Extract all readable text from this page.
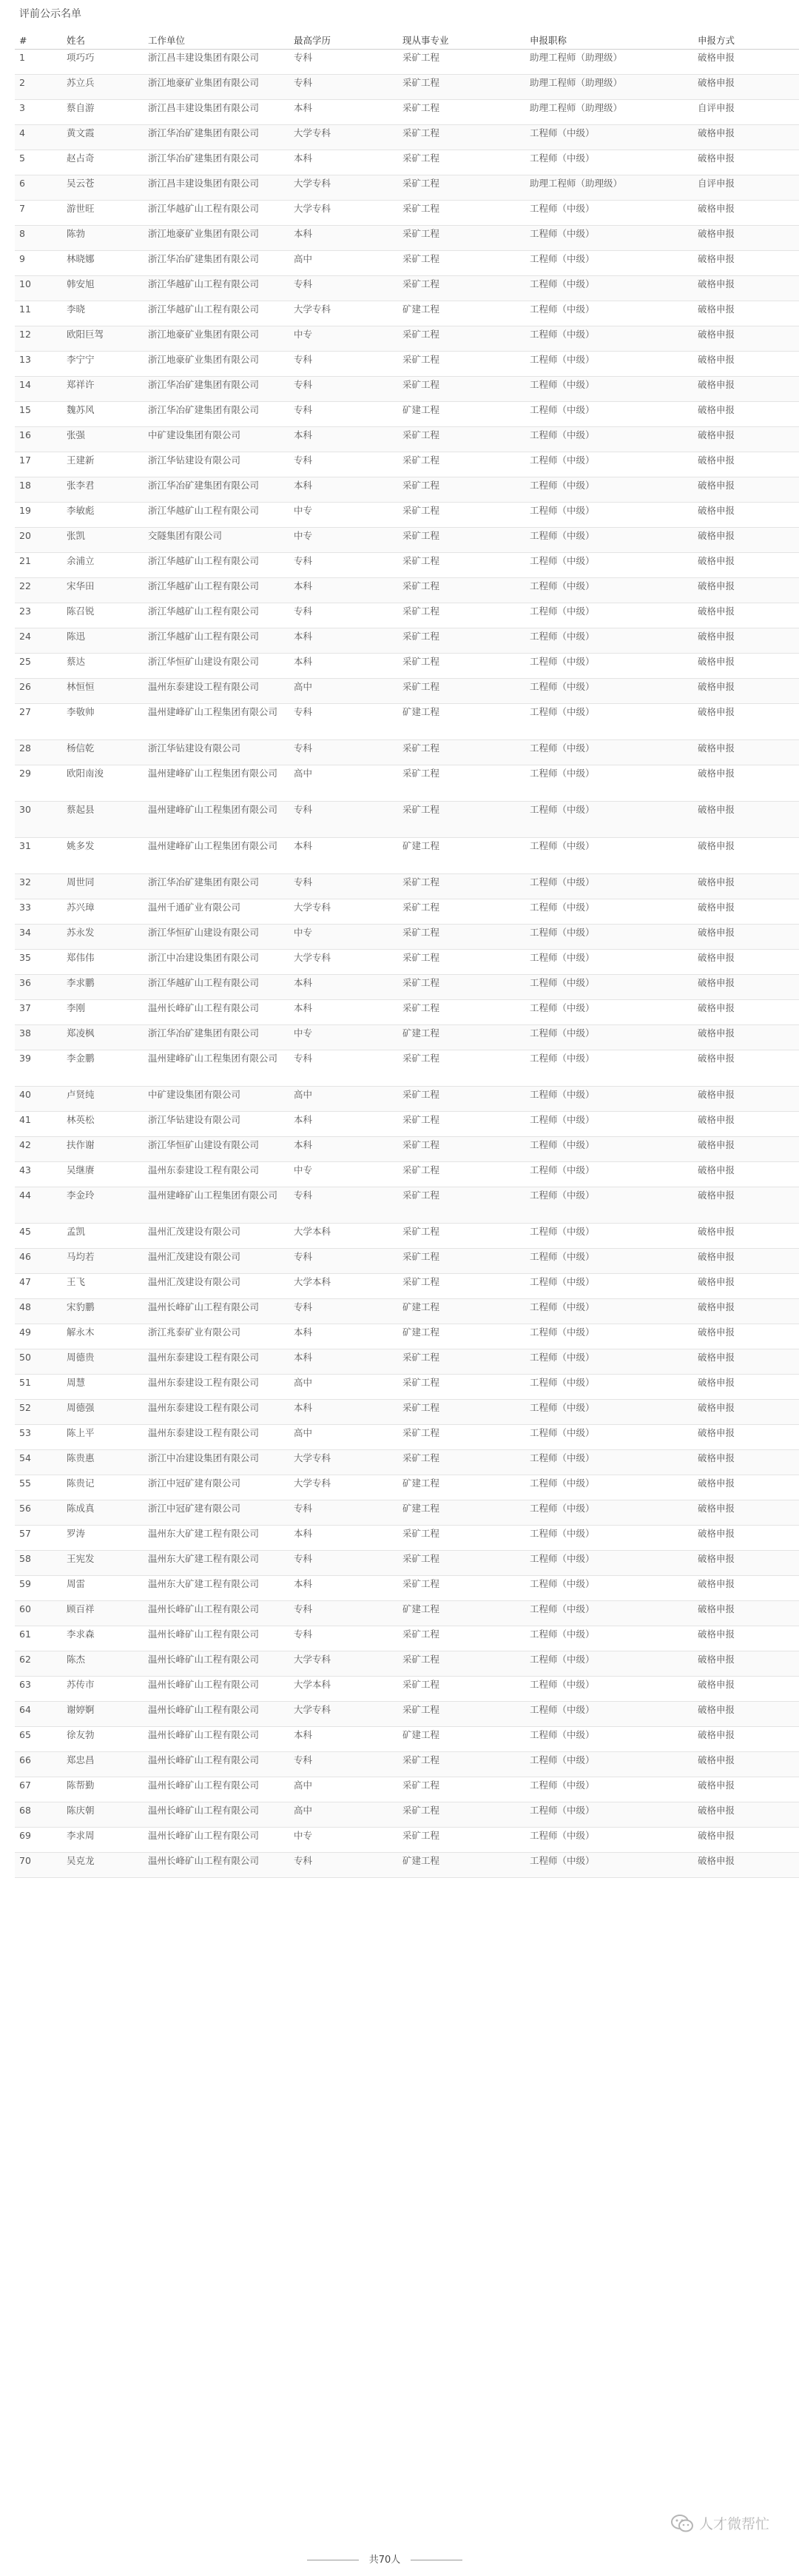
评前公示名单
#	姓名	工作单位	最高学历	现从事专业	申报职称	申报方式
1	项巧巧	浙江昌丰建设集团有限公司	专科	采矿工程	助理工程师（助理级）	破格申报
2	苏立兵	浙江地豪矿业集团有限公司	专科	采矿工程	助理工程师（助理级）	破格申报
3	蔡自游	浙江昌丰建设集团有限公司	本科	采矿工程	助理工程师（助理级）	自评申报
4	黄文霞	浙江华冶矿建集团有限公司	大学专科	采矿工程	工程师（中级）	破格申报
5	赵占奇	浙江华冶矿建集团有限公司	本科	采矿工程	工程师（中级）	破格申报
6	吴云苍	浙江昌丰建设集团有限公司	大学专科	采矿工程	助理工程师（助理级）	自评申报
7	游世旺	浙江华越矿山工程有限公司	大学专科	采矿工程	工程师（中级）	破格申报
8	陈勃	浙江地豪矿业集团有限公司	本科	采矿工程	工程师（中级）	破格申报
9	林晓娜	浙江华冶矿建集团有限公司	高中	采矿工程	工程师（中级）	破格申报
10	韩安旭	浙江华越矿山工程有限公司	专科	采矿工程	工程师（中级）	破格申报
11	李晓	浙江华越矿山工程有限公司	大学专科	矿建工程	工程师（中级）	破格申报
12	欧阳巨驾	浙江地豪矿业集团有限公司	中专	采矿工程	工程师（中级）	破格申报
13	李宁宁	浙江地豪矿业集团有限公司	专科	采矿工程	工程师（中级）	破格申报
14	郑祥许	浙江华冶矿建集团有限公司	专科	采矿工程	工程师（中级）	破格申报
15	魏苏风	浙江华冶矿建集团有限公司	专科	矿建工程	工程师（中级）	破格申报
16	张强	中矿建设集团有限公司	本科	采矿工程	工程师（中级）	破格申报
17	王建新	浙江华钻建设有限公司	专科	采矿工程	工程师（中级）	破格申报
18	张李君	浙江华冶矿建集团有限公司	本科	采矿工程	工程师（中级）	破格申报
19	李敏彪	浙江华越矿山工程有限公司	中专	采矿工程	工程师（中级）	破格申报
20	张凯	交隧集团有限公司	中专	采矿工程	工程师（中级）	破格申报
21	余浦立	浙江华越矿山工程有限公司	专科	采矿工程	工程师（中级）	破格申报
22	宋华田	浙江华越矿山工程有限公司	本科	采矿工程	工程师（中级）	破格申报
23	陈召锐	浙江华越矿山工程有限公司	专科	采矿工程	工程师（中级）	破格申报
24	陈迅	浙江华越矿山工程有限公司	本科	采矿工程	工程师（中级）	破格申报
25	蔡达	浙江华恒矿山建设有限公司	本科	采矿工程	工程师（中级）	破格申报
26	林恒恒	温州东泰建设工程有限公司	高中	采矿工程	工程师（中级）	破格申报
27	李敬帅	温州建峰矿山工程集团有限公司	专科	矿建工程	工程师（中级）	破格申报
28	杨信乾	浙江华钻建设有限公司	专科	采矿工程	工程师（中级）	破格申报
29	欧阳南浚	温州建峰矿山工程集团有限公司	高中	采矿工程	工程师（中级）	破格申报
30	蔡起县	温州建峰矿山工程集团有限公司	专科	采矿工程	工程师（中级）	破格申报
31	姚多发	温州建峰矿山工程集团有限公司	本科	矿建工程	工程师（中级）	破格申报
32	周世同	浙江华冶矿建集团有限公司	专科	采矿工程	工程师（中级）	破格申报
33	苏兴璋	温州千通矿业有限公司	大学专科	采矿工程	工程师（中级）	破格申报
34	苏永发	浙江华恒矿山建设有限公司	中专	采矿工程	工程师（中级）	破格申报
35	郑伟伟	浙江中冶建设集团有限公司	大学专科	采矿工程	工程师（中级）	破格申报
36	李求鹏	浙江华越矿山工程有限公司	本科	采矿工程	工程师（中级）	破格申报
37	李刚	温州长峰矿山工程有限公司	本科	采矿工程	工程师（中级）	破格申报
38	郑凌枫	浙江华冶矿建集团有限公司	中专	矿建工程	工程师（中级）	破格申报
39	李金鹏	温州建峰矿山工程集团有限公司	专科	采矿工程	工程师（中级）	破格申报
40	卢贤纯	中矿建设集团有限公司	高中	采矿工程	工程师（中级）	破格申报
41	林英松	浙江华钻建设有限公司	本科	采矿工程	工程师（中级）	破格申报
42	扶作谢	浙江华恒矿山建设有限公司	本科	采矿工程	工程师（中级）	破格申报
43	吴继赓	温州东泰建设工程有限公司	中专	采矿工程	工程师（中级）	破格申报
44	李金玲	温州建峰矿山工程集团有限公司	专科	采矿工程	工程师（中级）	破格申报
45	孟凯	温州汇茂建设有限公司	大学本科	采矿工程	工程师（中级）	破格申报
46	马均若	温州汇茂建设有限公司	专科	采矿工程	工程师（中级）	破格申报
47	王飞	温州汇茂建设有限公司	大学本科	采矿工程	工程师（中级）	破格申报
48	宋豹鹏	温州长峰矿山工程有限公司	专科	矿建工程	工程师（中级）	破格申报
49	解永木	浙江兆泰矿业有限公司	本科	矿建工程	工程师（中级）	破格申报
50	周德贵	温州东泰建设工程有限公司	本科	采矿工程	工程师（中级）	破格申报
51	周慧	温州东泰建设工程有限公司	高中	采矿工程	工程师（中级）	破格申报
52	周德强	温州东泰建设工程有限公司	本科	采矿工程	工程师（中级）	破格申报
53	陈上平	温州东泰建设工程有限公司	高中	采矿工程	工程师（中级）	破格申报
54	陈贵惠	浙江中冶建设集团有限公司	大学专科	采矿工程	工程师（中级）	破格申报
55	陈贵记	浙江中冠矿建有限公司	大学专科	矿建工程	工程师（中级）	破格申报
56	陈成真	浙江中冠矿建有限公司	专科	矿建工程	工程师（中级）	破格申报
57	罗涛	温州东大矿建工程有限公司	本科	采矿工程	工程师（中级）	破格申报
58	王宪发	温州东大矿建工程有限公司	专科	采矿工程	工程师（中级）	破格申报
59	周雷	温州东大矿建工程有限公司	本科	采矿工程	工程师（中级）	破格申报
60	顾百祥	温州长峰矿山工程有限公司	专科	矿建工程	工程师（中级）	破格申报
61	李求森	温州长峰矿山工程有限公司	专科	采矿工程	工程师（中级）	破格申报
62	陈杰	温州长峰矿山工程有限公司	大学专科	采矿工程	工程师（中级）	破格申报
63	苏传市	温州长峰矿山工程有限公司	大学本科	采矿工程	工程师（中级）	破格申报
64	谢婷婀	温州长峰矿山工程有限公司	大学专科	采矿工程	工程师（中级）	破格申报
65	徐友勃	温州长峰矿山工程有限公司	本科	矿建工程	工程师（中级）	破格申报
66	郑忠昌	温州长峰矿山工程有限公司	专科	采矿工程	工程师（中级）	破格申报
67	陈帮勤	温州长峰矿山工程有限公司	高中	采矿工程	工程师（中级）	破格申报
68	陈庆朝	温州长峰矿山工程有限公司	高中	采矿工程	工程师（中级）	破格申报
69	李求周	温州长峰矿山工程有限公司	中专	采矿工程	工程师（中级）	破格申报
70	吴克龙	温州长峰矿山工程有限公司	专科	矿建工程	工程师（中级）	破格申报
人才微帮忙
共70人
